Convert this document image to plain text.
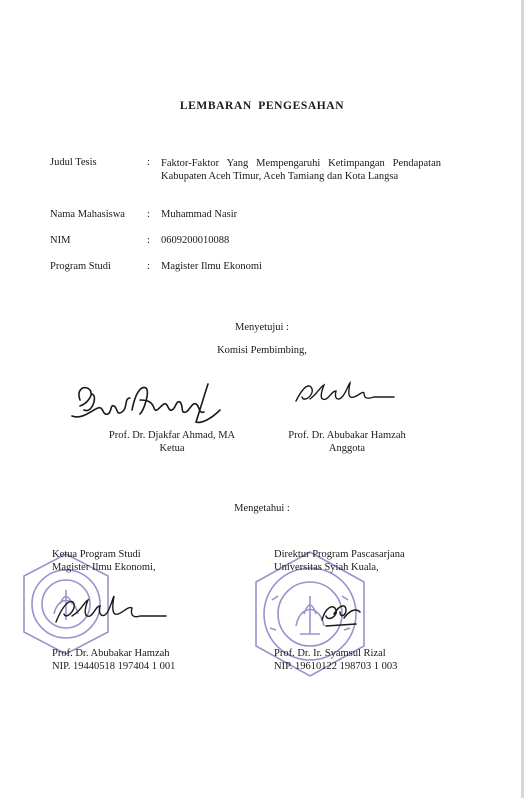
LEMBARAN PENGESAHAN
Judul Tesis	: Faktor-Faktor Yang Mempengaruhi Ketimpangan Pendapatan Kabupaten Aceh Timur, Aceh Tamiang dan Kota Langsa
Nama Mahasiswa : Muhammad Nasir
NIM	: 0609200010088
Program Studi	: Magister Ilmu Ekonomi
Menyetujui :
Komisi Pembimbing,
Prof. Dr. Djakfar Ahmad, MA
Ketua
Prof. Dr. Abubakar Hamzah
Anggota
Mengetahui :
Ketua Program Studi
Magister Ilmu Ekonomi,
Prof. Dr. Abubakar Hamzah
NIP. 19440518 197404 1 001
Direktur Program Pascasarjana
Universitas Syiah Kuala,
Prof. Dr. Ir. Syamsul Rizal
NIP. 19610122 198703 1 003
